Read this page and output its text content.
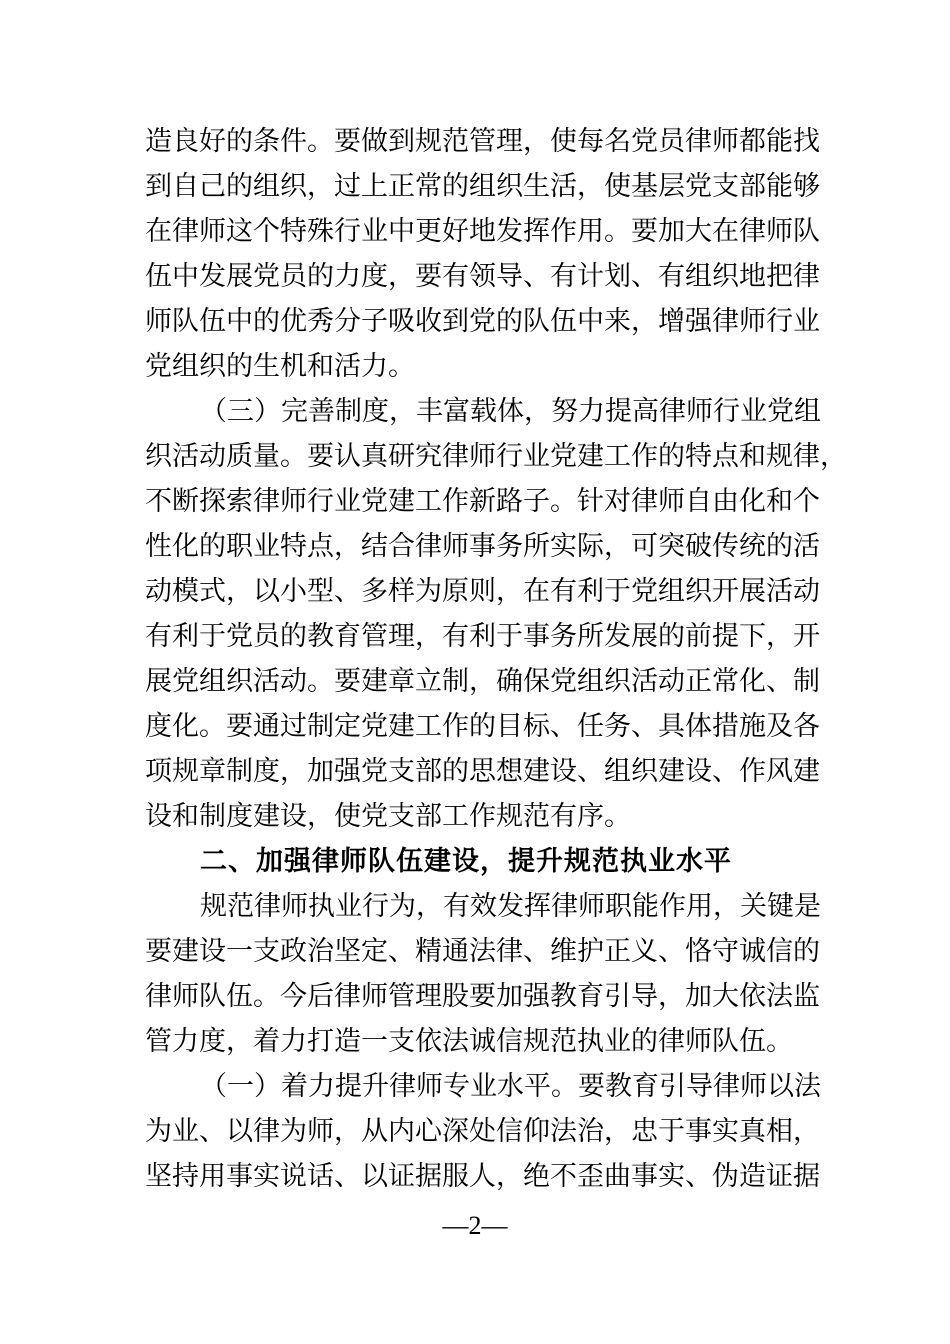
造良好的条件。要做到规范管理，使每名党员律师都能找
到自己的组织，过上正常的组织生活，使基层党支部能够
在律师这个特殊行业中更好地发挥作用。要加大在律师队
伍中发展党员的力度，要有领导、有计划、有组织地把律
师队伍中的优秀分子吸收到党的队伍中来，增强律师行业
党组织的生机和活力。
（三）完善制度，丰富载体，努力提高律师行业党组
织活动质量。要认真研究律师行业党建工作的特点和规律，
不断探索律师行业党建工作新路子。针对律师自由化和个
性化的职业特点，结合律师事务所实际，可突破传统的活
动模式，以小型、多样为原则，在有利于党组织开展活动
有利于党员的教育管理，有利于事务所发展的前提下，开
展党组织活动。要建章立制，确保党组织活动正常化、制
度化。要通过制定党建工作的目标、任务、具体措施及各
项规章制度，加强党支部的思想建设、组织建设、作风建
设和制度建设，使党支部工作规范有序。
二、加强律师队伍建设，提升规范执业水平
规范律师执业行为，有效发挥律师职能作用，关键是
要建设一支政治坚定、精通法律、维护正义、恪守诚信的
律师队伍。今后律师管理股要加强教育引导，加大依法监
管力度，着力打造一支依法诚信规范执业的律师队伍。
（一）着力提升律师专业水平。要教育引导律师以法
为业、以律为师，从内心深处信仰法治，忠于事实真相，
坚持用事实说话、以证据服人，绝不歪曲事实、伪造证据
—2—
